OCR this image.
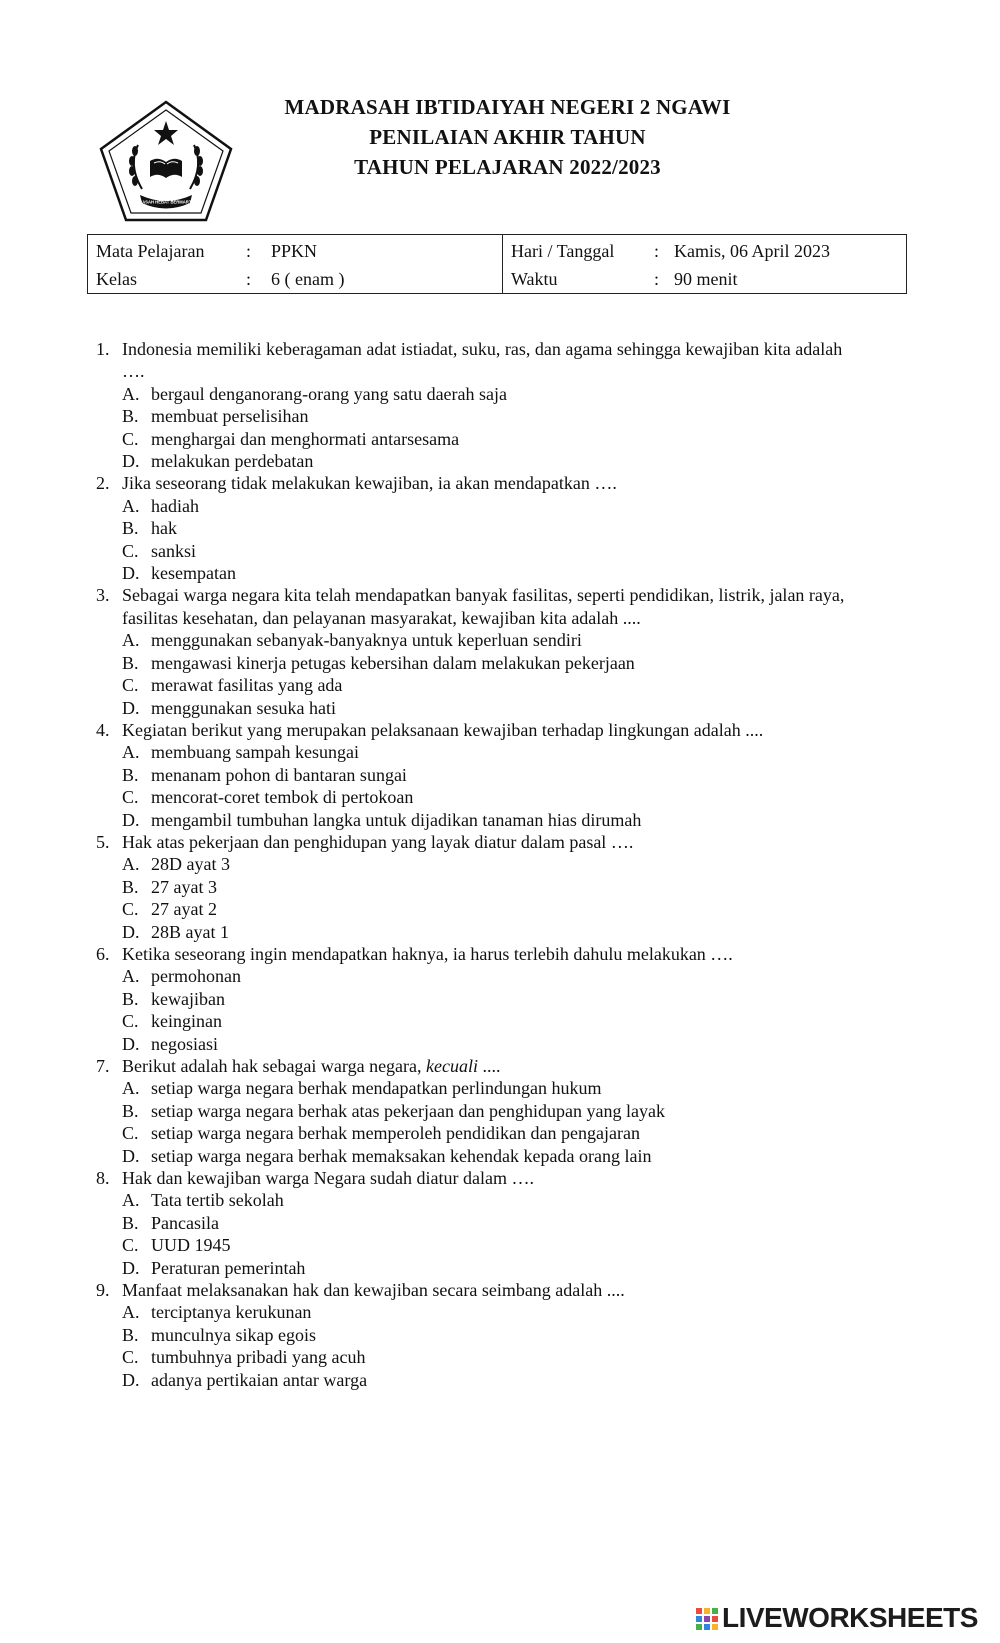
MADRASAH HEBAT BERMARTABAT
MADRASAH IBTIDAIYAH NEGERI 2 NGAWI
PENILAIAN AKHIR TAHUN
TAHUN PELAJARAN 2022/2023
Mata Pelajaran : PPKN
Kelas	: 6 ( enam )
Hari / Tanggal : Kamis, 06 April 2023
Waktu	: 90 menit
1. Indonesia memiliki keberagaman adat istiadat, suku, ras, dan agama sehingga kewajiban kita adalah
….
A. bergaul denganorang-orang yang satu daerah saja
B. membuat perselisihan
C. menghargai dan menghormati antarsesama
D. melakukan perdebatan
2. Jika seseorang tidak melakukan kewajiban, ia akan mendapatkan ….
A. hadiah
B. hak
C. sanksi
D. kesempatan
3. Sebagai warga negara kita telah mendapatkan banyak fasilitas, seperti pendidikan, listrik, jalan raya,
fasilitas kesehatan, dan pelayanan masyarakat, kewajiban kita adalah ....
A. menggunakan sebanyak-banyaknya untuk keperluan sendiri
B. mengawasi kinerja petugas kebersihan dalam melakukan pekerjaan
C. merawat fasilitas yang ada
D. menggunakan sesuka hati
4. Kegiatan berikut yang merupakan pelaksanaan kewajiban terhadap lingkungan adalah ....
A. membuang sampah kesungai
B. menanam pohon di bantaran sungai
C. mencorat-coret tembok di pertokoan
D. mengambil tumbuhan langka untuk dijadikan tanaman hias dirumah
5. Hak atas pekerjaan dan penghidupan yang layak diatur dalam pasal ….
A. 28D ayat 3
B. 27 ayat 3
C. 27 ayat 2
D. 28B ayat 1
6. Ketika seseorang ingin mendapatkan haknya, ia harus terlebih dahulu melakukan ….
A. permohonan
B. kewajiban
C. keinginan
D. negosiasi
7. Berikut adalah hak sebagai warga negara, kecuali ....
A. setiap warga negara berhak mendapatkan perlindungan hukum
B. setiap warga negara berhak atas pekerjaan dan penghidupan yang layak
C. setiap warga negara berhak memperoleh pendidikan dan pengajaran
D. setiap warga negara berhak memaksakan kehendak kepada orang lain
8. Hak dan kewajiban warga Negara sudah diatur dalam ….
A. Tata tertib sekolah
B. Pancasila
C. UUD 1945
D. Peraturan pemerintah
9. Manfaat melaksanakan hak dan kewajiban secara seimbang adalah ....
A. terciptanya kerukunan
B. munculnya sikap egois
C. tumbuhnya pribadi yang acuh
D. adanya pertikaian antar warga
LIVEWORKSHEETS
